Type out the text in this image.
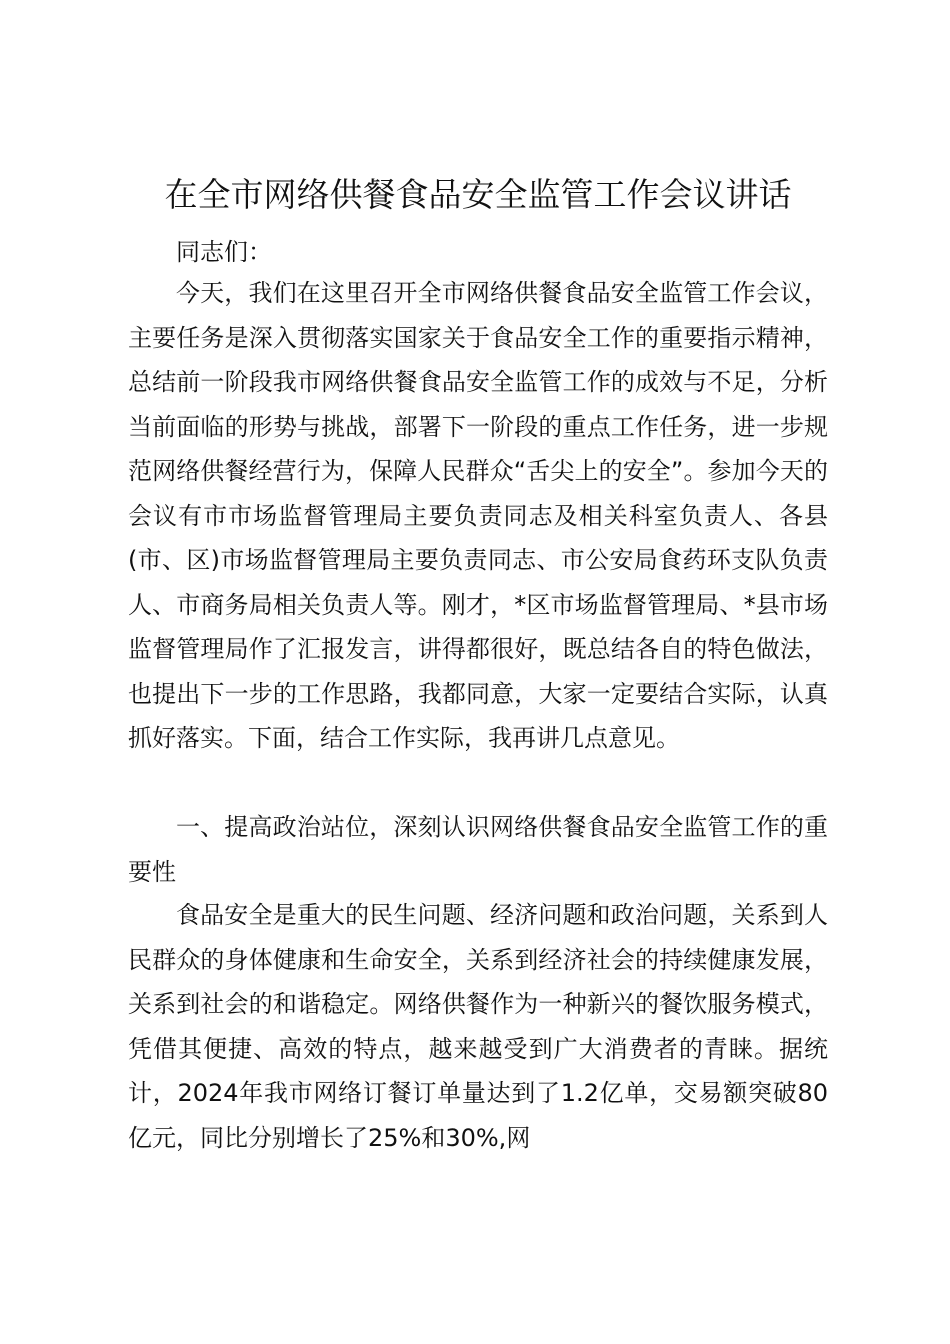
在全市网络供餐食品安全监管工作会议讲话

同志们：

今天，我们在这里召开全市网络供餐食品安全监管工作会议，主要任务是深入贯彻落实国家关于食品安全工作的重要指示精神，总结前一阶段我市网络供餐食品安全监管工作的成效与不足，分析当前面临的形势与挑战，部署下一阶段的重点工作任务，进一步规范网络供餐经营行为，保障人民群众“舌尖上的安全”。参加今天的会议有市市场监督管理局主要负责同志及相关科室负责人、各县(市、区)市场监督管理局主要负责同志、市公安局食药环支队负责人、市商务局相关负责人等。刚才，*区市场监督管理局、*县市场监督管理局作了汇报发言，讲得都很好，既总结各自的特色做法，也提出下一步的工作思路，我都同意，大家一定要结合实际，认真抓好落实。下面，结合工作实际，我再讲几点意见。

一、提高政治站位，深刻认识网络供餐食品安全监管工作的重要性

食品安全是重大的民生问题、经济问题和政治问题，关系到人民群众的身体健康和生命安全，关系到经济社会的持续健康发展，关系到社会的和谐稳定。网络供餐作为一种新兴的餐饮服务模式，凭借其便捷、高效的特点，越来越受到广大消费者的青睐。据统计，2024年我市网络订餐订单量达到了1.2亿单，交易额突破80亿元，同比分别增长了25%和30%,网
